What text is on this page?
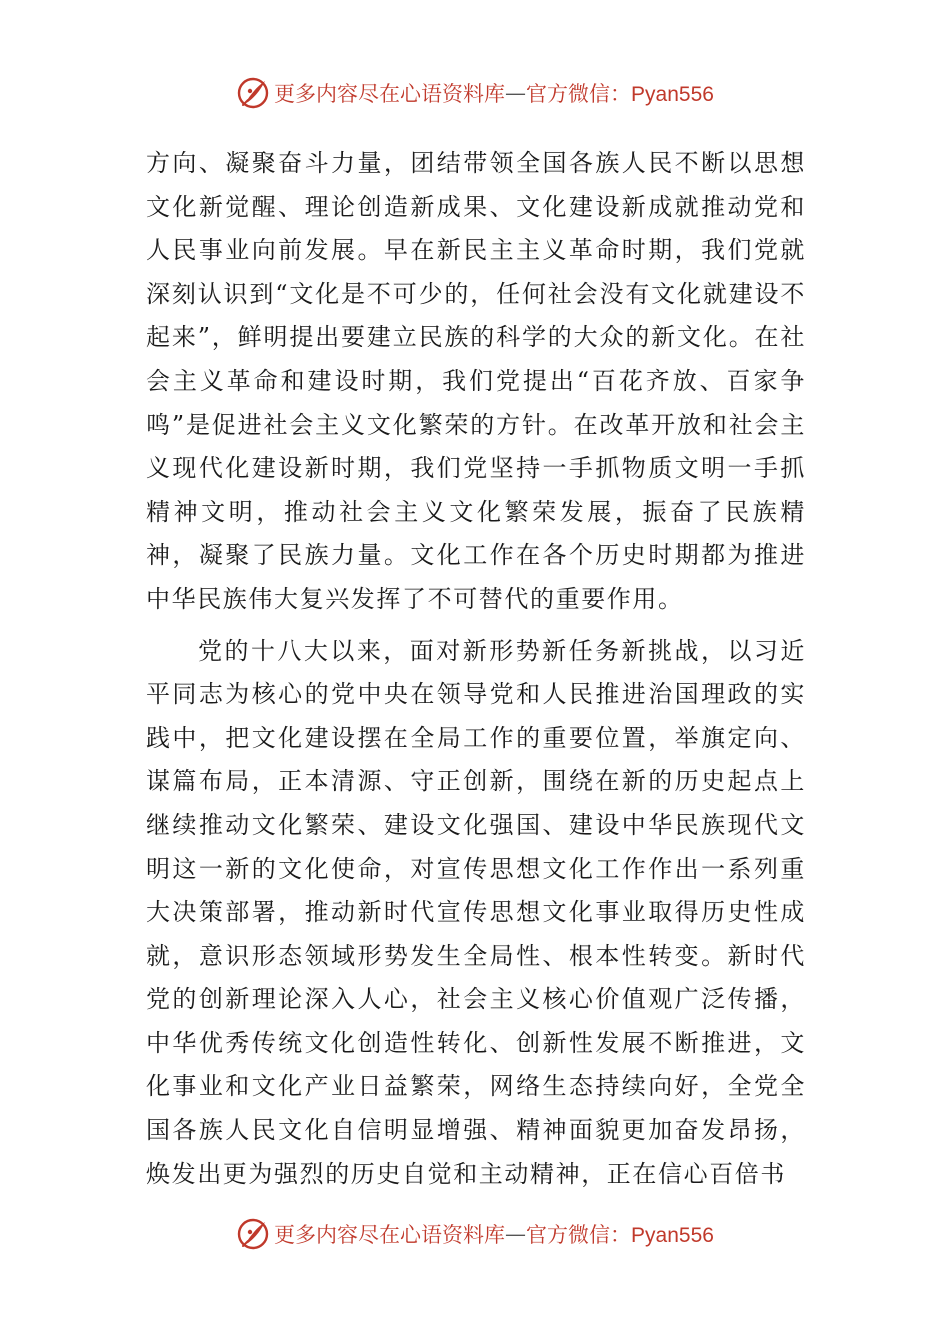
更多内容尽在心语资料库 — 官方微信：Pyan556

方向、凝聚奋斗力量，团结带领全国各族人民不断以思想文化新觉醒、理论创造新成果、文化建设新成就推动党和人民事业向前发展。早在新民主主义革命时期，我们党就深刻认识到“文化是不可少的，任何社会没有文化就建设不起来”，鲜明提出要建立民族的科学的大众的新文化。在社会主义革命和建设时期，我们党提出“百花齐放、百家争鸣”是促进社会主义文化繁荣的方针。在改革开放和社会主义现代化建设新时期，我们党坚持一手抓物质文明一手抓精神文明，推动社会主义文化繁荣发展，振奋了民族精神，凝聚了民族力量。文化工作在各个历史时期都为推进中华民族伟大复兴发挥了不可替代的重要作用。

党的十八大以来，面对新形势新任务新挑战，以习近平同志为核心的党中央在领导党和人民推进治国理政的实践中，把文化建设摆在全局工作的重要位置，举旗定向、谋篇布局，正本清源、守正创新，围绕在新的历史起点上继续推动文化繁荣、建设文化强国、建设中华民族现代文明这一新的文化使命，对宣传思想文化工作作出一系列重大决策部署，推动新时代宣传思想文化事业取得历史性成就，意识形态领域形势发生全局性、根本性转变。新时代党的创新理论深入人心，社会主义核心价值观广泛传播，中华优秀传统文化创造性转化、创新性发展不断推进，文化事业和文化产业日益繁荣，网络生态持续向好，全党全国各族人民文化自信明显增强、精神面貌更加奋发昂扬，焕发出更为强烈的历史自觉和主动精神，正在信心百倍书

更多内容尽在心语资料库 — 官方微信：Pyan556
